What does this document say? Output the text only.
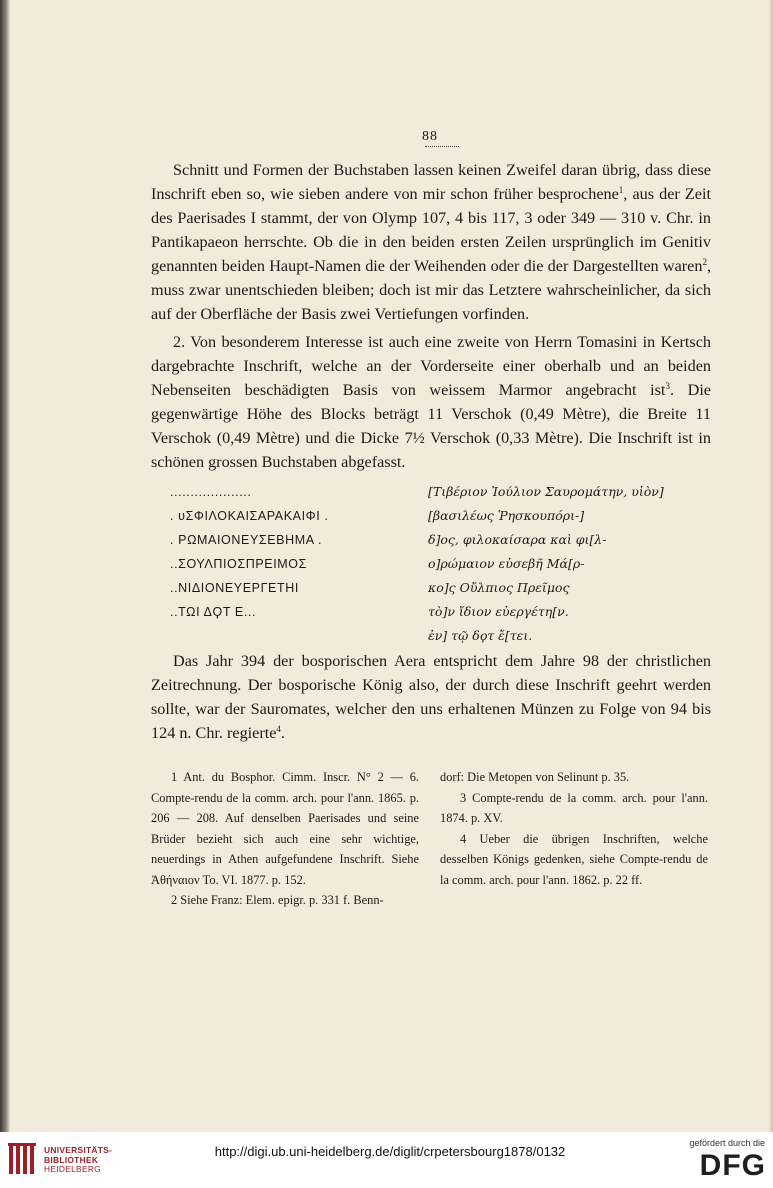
88

Schnitt und Formen der Buchstaben lassen keinen Zweifel daran übrig, dass diese Inschrift eben so, wie sieben andere von mir schon früher besprochene$^1$, aus der Zeit des Paerisades I stammt, der von Olymp 107, 4 bis 117, 3 oder 349 — 310 v. Chr. in Pantikapaeon herrschte. Ob die in den beiden ersten Zeilen ursprünglich im Genitiv genannten beiden Haupt-Namen die der Weihenden oder die der Dargestellten waren$^2$, muss zwar unentschieden bleiben; doch ist mir das Letztere wahrscheinlicher, da sich auf der Oberfläche der Basis zwei Vertiefungen vorfinden.

2. Von besonderem Interesse ist auch eine zweite von Herrn Tomasini in Kertsch dargebrachte Inschrift, welche an der Vorderseite einer oberhalb und an beiden Nebenseiten beschädigten Basis von weissem Marmor angebracht ist$^3$. Die gegenwärtige Höhe des Blocks beträgt 11 Verschok (0,49 Mètre), die Breite 11 Verschok (0,49 Mètre) und die Dicke 7½ Verschok (0,33 Mètre). Die Inschrift ist in schönen grossen Buchstaben abgefasst.

....................
. υΣΦΙΛΟΚΑΙΣΑΡΑΚΑΙΦΙ .
. ΡΩΜΑΙΟΝΕΥΣΕΒΗΜΑ .
..ΣΟΥΛΠΙΟΣΠΡΕΙΜΟΣ
..ΝΙΔΙΟΝΕΥΕΡΓΕΤΗΙ
..ΤΩΙ ΔϘΤ Ε...
[Τιβέριον Ἰούλιον Σαυρομάτην, υἱὸν]
[βασιλέως Ῥησκουπόρι-]
δ]ος, φιλοκαίσαρα καὶ φι[λ-
ο]ρώμαιον εὐσεβῆ Μά[ρ-
κο]ς Οὔλπιος Πρεῖμος
τὸ]ν ἴδιον εὐεργέτη[ν.
ἐν] τῷ δϙτ ἔ[τει.

Das Jahr 394 der bosporischen Aera entspricht dem Jahre 98 der christlichen Zeitrechnung. Der bosporische König also, der durch diese Inschrift geehrt werden sollte, war der Sauromates, welcher den uns erhaltenen Münzen zu Folge von 94 bis 124 n. Chr. regierte$^4$.

1 Ant. du Bosphor. Cimm. Inscr. N° 2 — 6. Compte-rendu de la comm. arch. pour l'ann. 1865. p. 206 — 208. Auf denselben Paerisades und seine Brüder bezieht sich auch eine sehr wichtige, neuerdings in Athen aufgefundene Inschrift. Siehe Ἀθήναιον To. VI. 1877. p. 152.

2 Siehe Franz: Elem. epigr. p. 331 f. Benn-

dorf: Die Metopen von Selinunt p. 35.

3 Compte-rendu de la comm. arch. pour l'ann. 1874. p. XV.

4 Ueber die übrigen Inschriften, welche desselben Königs gedenken, siehe Compte-rendu de la comm. arch. pour l'ann. 1862. p. 22 ff.

UNIVERSITÄTS-
BIBLIOTHEK
HEIDELBERG
http://digi.ub.uni-heidelberg.de/diglit/crpetersbourg1878/0132
gefördert durch die
DFG
